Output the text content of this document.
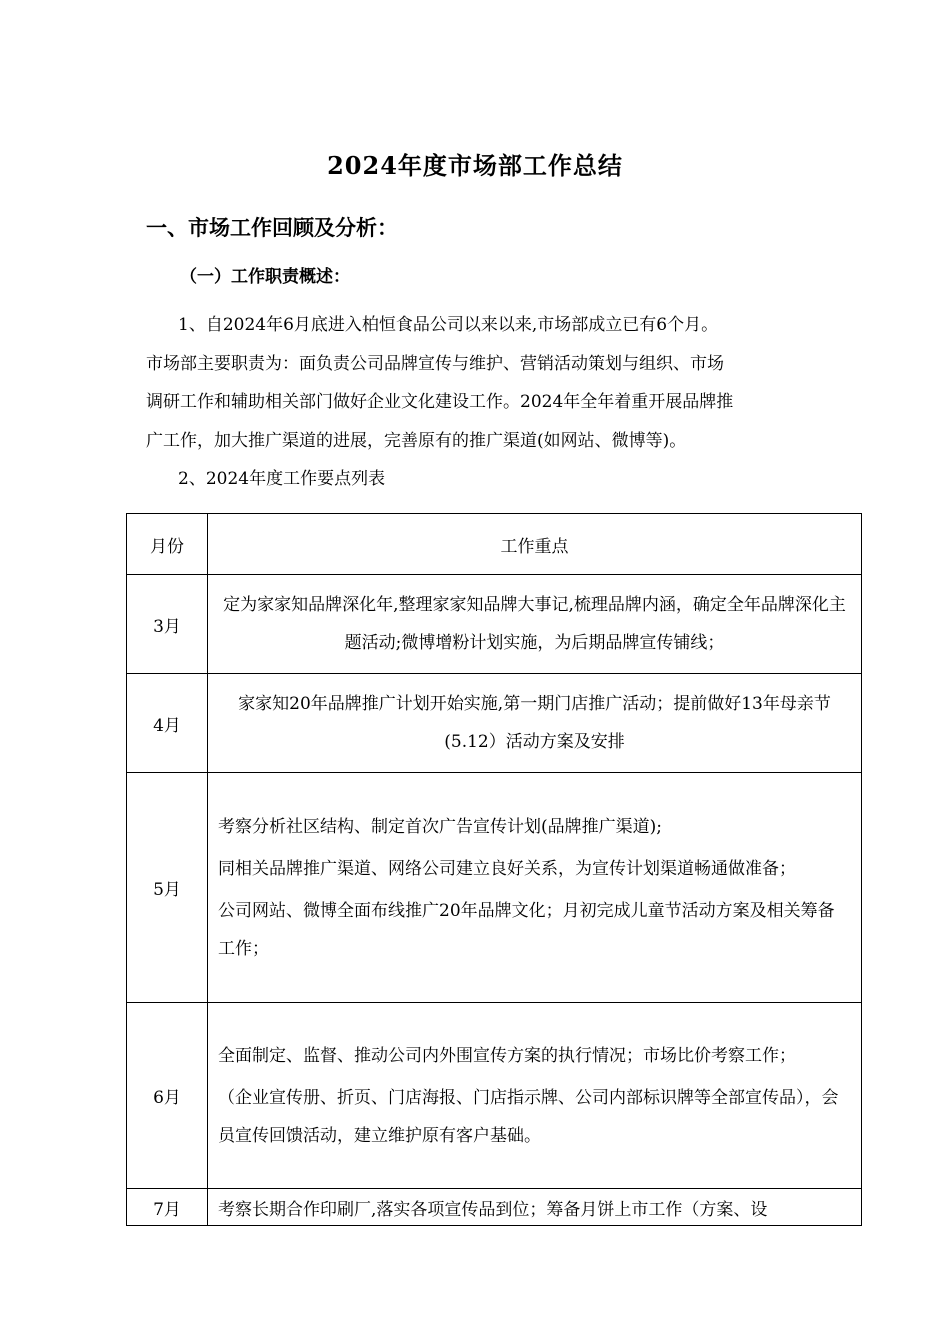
2024年度市场部工作总结
一、市场工作回顾及分析：
（一）工作职责概述：

1、自2024年6月底进入柏恒食品公司以来以来,市场部成立已有6个月。

市场部主要职责为：面负责公司品牌宣传与维护、营销活动策划与组织、市场

调研工作和辅助相关部门做好企业文化建设工作。2024年全年着重开展品牌推

广工作，加大推广渠道的进展，完善原有的推广渠道(如网站、微博等)。

2、2024年度工作要点列表
月份	工作重点
3月	定为家家知品牌深化年,整理家家知品牌大事记,梳理品牌内涵，确定全年品牌深化主题活动;微博增粉计划实施，为后期品牌宣传铺线；

4月	家家知20年品牌推广计划开始实施,第一期门店推广活动；提前做好13年母亲节(5.12）活动方案及安排

5月	考察分析社区结构、制定首次广告宣传计划(品牌推广渠道);

同相关品牌推广渠道、网络公司建立良好关系，为宣传计划渠道畅通做准备；

公司网站、微博全面布线推广20年品牌文化；月初完成儿童节活动方案及相关筹备工作；

6月	全面制定、监督、推动公司内外围宣传方案的执行情况；市场比价考察工作；

（企业宣传册、折页、门店海报、门店指示牌、公司内部标识牌等全部宣传品），会员宣传回馈活动，建立维护原有客户基础。

7月	考察长期合作印刷厂,落实各项宣传品到位；筹备月饼上市工作（方案、设
